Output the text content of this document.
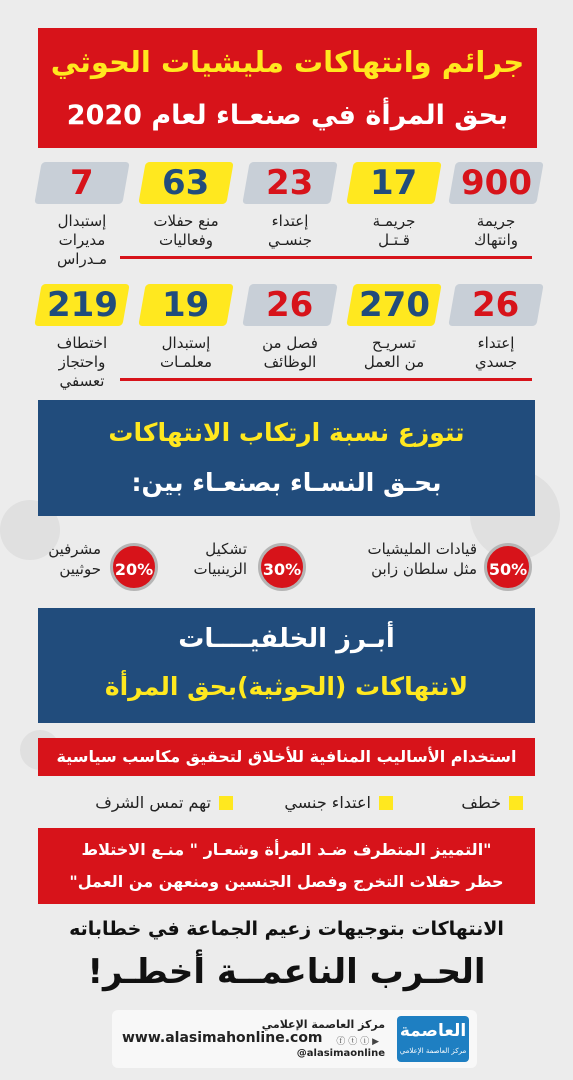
جرائم وانتهاكات مليشيات الحوثي
بحق المرأة في صنعـاء لعام 2020
900
جريمة
وانتهاك
17
جريمـة
قـتـل
23
إعتداء
جنسـي
63
منع حفلات
وفعاليات
7
إستبدال
مديرات
مـدراس
26
إعتداء
جسدي
270
تسريـح
من العمل
26
فصل من
الوظائف
19
إستبدال
معلمـات
219
اختطاف
واحتجاز
تعسفي
تتوزع نسبة ارتكاب الانتهاكات
بحـق النسـاء بصنعـاء بين:
50%
قيادات المليشيات
مثل سلطان زابن
30%
تشكيل
الزينبيات
20%
مشرفين
حوثيين
أبـرز الخلفيــــات
لانتهاكات (الحوثية)بحق المرأة
استخدام الأساليب المنافية للأخلاق لتحقيق مكاسب سياسية
خطف
اعتداء جنسي
تهم تمس الشرف
"التمييز المتطرف ضـد المرأة وشعـار " منـع الاختلاط
حظر حفلات التخرج وفصل الجنسين ومنعهن من العمل"
الانتهاكات بتوجيهات زعيم الجماعة في خطاباته
الحـرب الناعمــة أخطـر!
www.alasimahonline.com
مركز العاصمة الإعلامي
ⓕ ⓣ ⓘ ▶
@alasimaonline
العاصمة
مركز العاصمة الإعلامي
